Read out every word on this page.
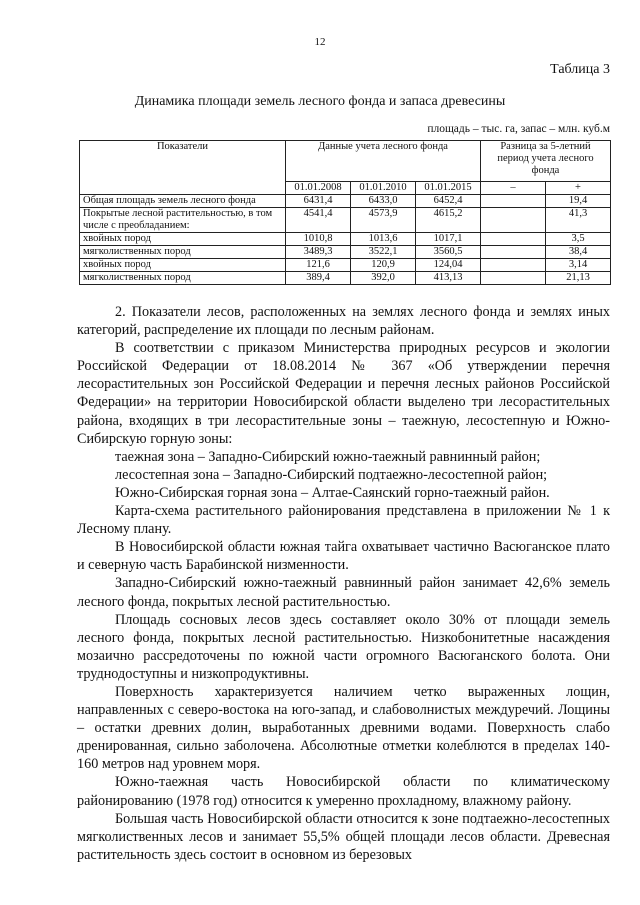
12
Таблица 3
Динамика площади земель лесного фонда и запаса древесины
площадь – тыс. га, запас – млн. куб.м
Показатели	Данные учета лесного фонда			Разница за 5-летний период учета лесного фонда	
	01.01.2008	01.01.2010	01.01.2015	–	+
Общая площадь земель лесного фонда	6431,4	6433,0	6452,4		19,4
Покрытые лесной растительностью, в том числе с преобладанием:	4541,4	4573,9	4615,2		41,3
хвойных пород	1010,8	1013,6	1017,1		3,5
мягколиственных пород	3489,3	3522,1	3560,5		38,4
хвойных пород	121,6	120,9	124,04		3,14
мягколиственных пород	389,4	392,0	413,13		21,13

2. Показатели лесов, расположенных на землях лесного фонда и землях иных категорий, распределение их площади по лесным районам.

В соответствии с приказом Министерства природных ресурсов и экологии Российской Федерации от 18.08.2014 № 367 «Об утверждении перечня лесорастительных зон Российской Федерации и перечня лесных районов Российской Федерации» на территории Новосибирской области выделено три лесорастительных района, входящих в три лесорастительные зоны – таежную, лесостепную и Южно-Сибирскую горную зоны:

таежная зона – Западно-Сибирский южно-таежный равнинный район;

лесостепная зона – Западно-Сибирский подтаежно-лесостепной район;

Южно-Сибирская горная зона – Алтае-Саянский горно-таежный район.

Карта-схема растительного районирования представлена в приложении № 1 к Лесному плану.

В Новосибирской области южная тайга охватывает частично Васюганское плато и северную часть Барабинской низменности.

Западно-Сибирский южно-таежный равнинный район занимает 42,6% земель лесного фонда, покрытых лесной растительностью.

Площадь сосновых лесов здесь составляет около 30% от площади земель лесного фонда, покрытых лесной растительностью. Низкобонитетные насаждения мозаично рассредоточены по южной части огромного Васюганского болота. Они труднодоступны и низкопродуктивны.

Поверхность характеризуется наличием четко выраженных лощин, направленных с северо-востока на юго-запад, и слабоволнистых междуречий. Лощины – остатки древних долин, выработанных древними водами. Поверхность слабо дренированная, сильно заболочена. Абсолютные отметки колеблются в пределах 140-160 метров над уровнем моря.

Южно-таежная часть Новосибирской области по климатическому районированию (1978 год) относится к умеренно прохладному, влажному району.

Большая часть Новосибирской области относится к зоне подтаежно-лесостепных мягколиственных лесов и занимает 55,5% общей площади лесов области. Древесная растительность здесь состоит в основном из березовых
